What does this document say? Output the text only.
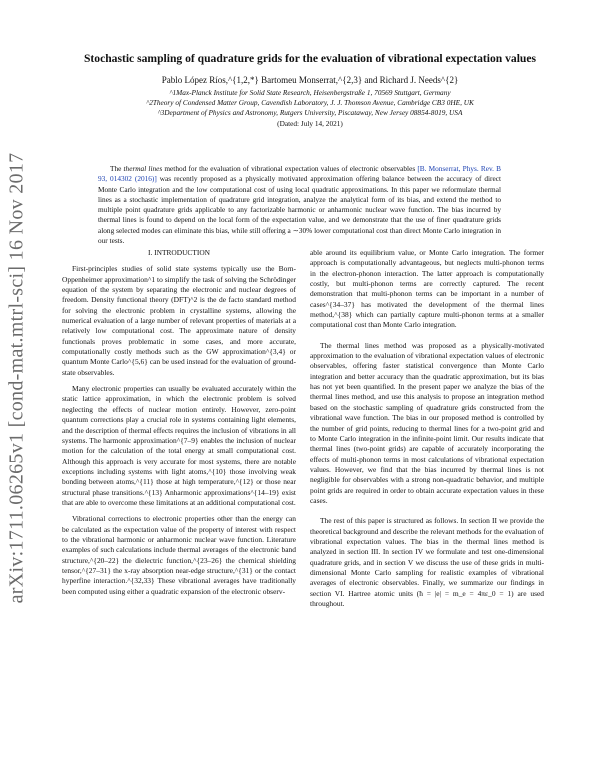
arXiv:1711.06265v1 [cond-mat.mtrl-sci] 16 Nov 2017
Stochastic sampling of quadrature grids for the evaluation of vibrational expectation values
Pablo López Ríos,^{1,2,*} Bartomeu Monserrat,^{2,3} and Richard J. Needs^{2}
^1Max-Planck Institute for Solid State Research, Heisenbergstraße 1, 70569 Stuttgart, Germany
^2Theory of Condensed Matter Group, Cavendish Laboratory, J. J. Thomson Avenue, Cambridge CB3 0HE, UK
^3Department of Physics and Astronomy, Rutgers University, Piscataway, New Jersey 08854-8019, USA
(Dated: July 14, 2021)
The thermal lines method for the evaluation of vibrational expectation values of electronic observables [B. Monserrat, Phys. Rev. B 93, 014302 (2016)] was recently proposed as a physically motivated approximation offering balance between the accuracy of direct Monte Carlo integration and the low computational cost of using local quadratic approximations. In this paper we reformulate thermal lines as a stochastic implementation of quadrature grid integration, analyze the analytical form of its bias, and extend the method to multiple point quadrature grids applicable to any factorizable harmonic or anharmonic nuclear wave function. The bias incurred by thermal lines is found to depend on the local form of the expectation value, and we demonstrate that the use of finer quadrature grids along selected modes can eliminate this bias, while still offering a ∼30% lower computational cost than direct Monte Carlo integration in our tests.

I. INTRODUCTION

First-principles studies of solid state systems typically use the Born-Oppenheimer approximation^1 to simplify the task of solving the Schrödinger equation of the system by separating the electronic and nuclear degrees of freedom. Density functional theory (DFT)^2 is the de facto standard method for solving the electronic problem in crystalline systems, allowing the numerical evaluation of a large number of relevant properties of materials at a relatively low computational cost. The approximate nature of density functionals proves problematic in some cases, and more accurate, computationally costly methods such as the GW approximation^{3,4} or quantum Monte Carlo^{5,6} can be used instead for the evaluation of ground-state observables.

Many electronic properties can usually be evaluated accurately within the static lattice approximation, in which the electronic problem is solved neglecting the effects of nuclear motion entirely. However, zero-point quantum corrections play a crucial role in systems containing light elements, and the description of thermal effects requires the inclusion of vibrations in all systems. The harmonic approximation^{7–9} enables the inclusion of nuclear motion for the calculation of the total energy at small computational cost. Although this approach is very accurate for most systems, there are notable exceptions including systems with light atoms,^{10} those involving weak bonding between atoms,^{11} those at high temperature,^{12} or those near structural phase transitions.^{13} Anharmonic approximations^{14–19} exist that are able to overcome these limitations at an additional computational cost.

Vibrational corrections to electronic properties other than the energy can be calculated as the expectation value of the property of interest with respect to the vibrational harmonic or anharmonic nuclear wave function. Literature examples of such calculations include thermal averages of the electronic band structure,^{20–22} the dielectric function,^{23–26} the chemical shielding tensor,^{27–31} the x-ray absorption near-edge structure,^{31} or the contact hyperfine interaction.^{32,33} These vibrational averages have traditionally been computed using either a quadratic expansion of the electronic observ-

able around its equilibrium value, or Monte Carlo integration. The former approach is computationally advantageous, but neglects multi-phonon terms in the electron-phonon interaction. The latter approach is computationally costly, but multi-phonon terms are correctly captured. The recent demonstration that multi-phonon terms can be important in a number of cases^{34–37} has motivated the development of the thermal lines method,^{38} which can partially capture multi-phonon terms at a smaller computational cost than Monte Carlo integration.

The thermal lines method was proposed as a physically-motivated approximation to the evaluation of vibrational expectation values of electronic observables, offering faster statistical convergence than Monte Carlo integration and better accuracy than the quadratic approximation, but its bias has not yet been quantified. In the present paper we analyze the bias of the thermal lines method, and use this analysis to propose an integration method based on the stochastic sampling of quadrature grids constructed from the vibrational wave function. The bias in our proposed method is controlled by the number of grid points, reducing to thermal lines for a two-point grid and to Monte Carlo integration in the infinite-point limit. Our results indicate that thermal lines (two-point grids) are capable of accurately incorporating the effects of multi-phonon terms in most calculations of vibrational expectation values. However, we find that the bias incurred by thermal lines is not negligible for observables with a strong non-quadratic behavior, and multiple point grids are required in order to obtain accurate expectation values in these cases.

The rest of this paper is structured as follows. In section II we provide the theoretical background and describe the relevant methods for the evaluation of vibrational expectation values. The bias in the thermal lines method is analyzed in section III. In section IV we formulate and test one-dimensional quadrature grids, and in section V we discuss the use of these grids in multi-dimensional Monte Carlo sampling for realistic examples of vibrational averages of electronic observables. Finally, we summarize our findings in section VI. Hartree atomic units (ħ = |e| = m_e = 4πε_0 = 1) are used throughout.
